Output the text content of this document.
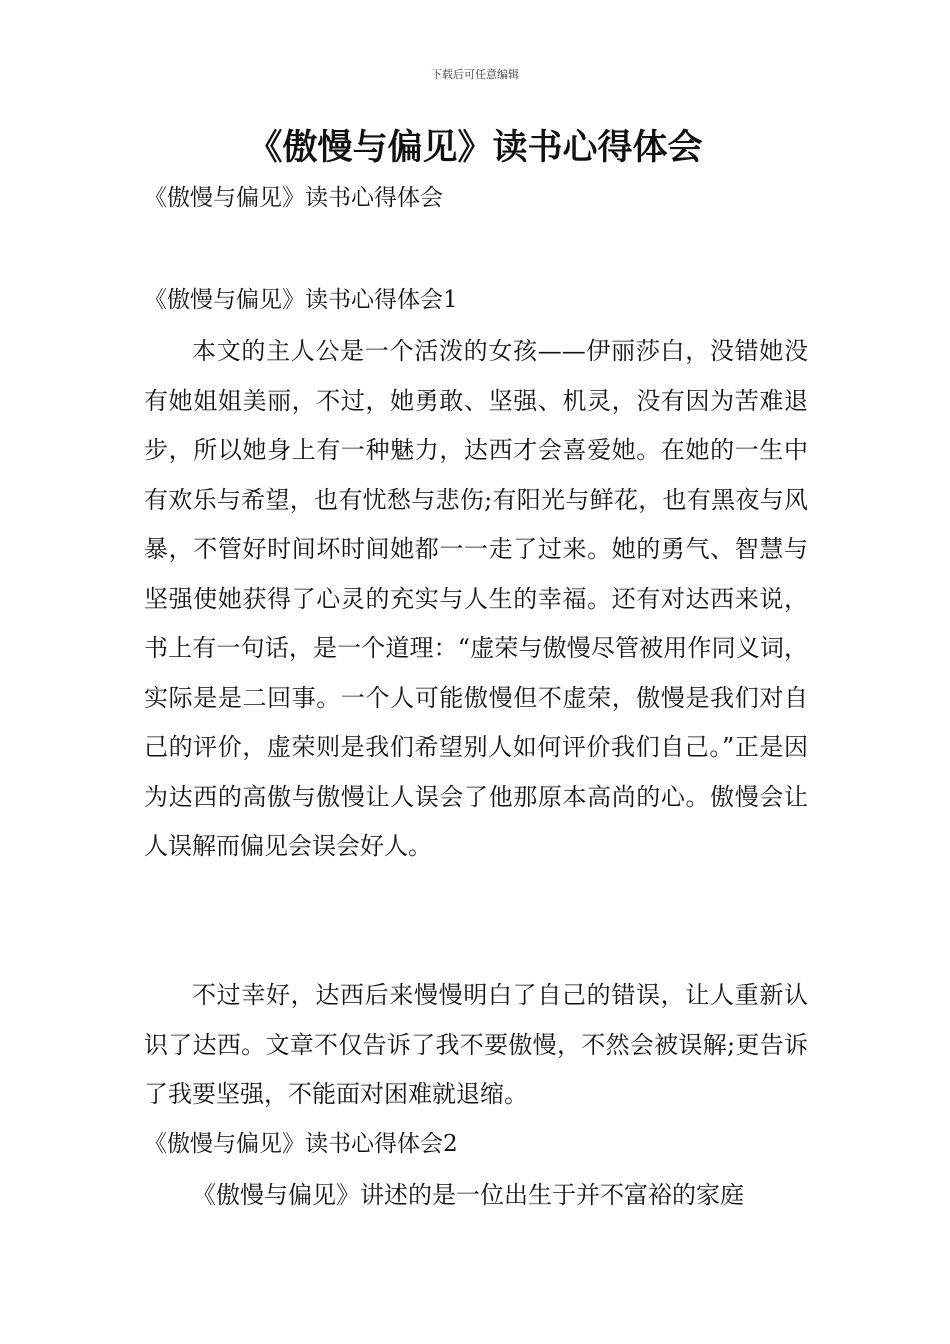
下载后可任意编辑
《傲慢与偏见》读书心得体会
《傲慢与偏见》读书心得体会
《傲慢与偏见》读书心得体会1

本文的主人公是一个活泼的女孩——伊丽莎白，没错她没有她姐姐美丽，不过，她勇敢、坚强、机灵，没有因为苦难退步，所以她身上有一种魅力，达西才会喜爱她。在她的一生中有欢乐与希望，也有忧愁与悲伤;有阳光与鲜花，也有黑夜与风暴，不管好时间坏时间她都一一走了过来。她的勇气、智慧与坚强使她获得了心灵的充实与人生的幸福。还有对达西来说，书上有一句话，是一个道理：“虚荣与傲慢尽管被用作同义词，实际是是二回事。一个人可能傲慢但不虚荣，傲慢是我们对自己的评价，虚荣则是我们希望别人如何评价我们自己。”正是因为达西的高傲与傲慢让人误会了他那原本高尚的心。傲慢会让人误解而偏见会误会好人。

不过幸好，达西后来慢慢明白了自己的错误，让人重新认识了达西。文章不仅告诉了我不要傲慢，不然会被误解;更告诉了我要坚强，不能面对困难就退缩。

《傲慢与偏见》读书心得体会2

《傲慢与偏见》讲述的是一位出生于并不富裕的家庭
